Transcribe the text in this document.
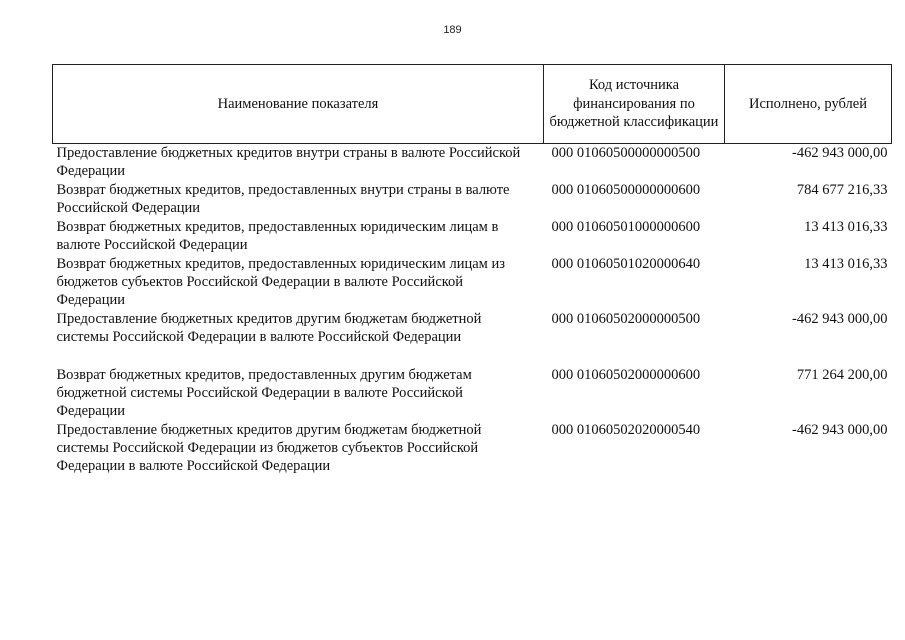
189
Наименование показателя	Код источника финансирования по бюджетной классификации	Исполнено, рублей
Предоставление бюджетных кредитов внутри страны в валюте Российской Федерации	000 01060500000000500	-462 943 000,00
Возврат бюджетных кредитов, предоставленных внутри страны в валюте Российской Федерации	000 01060500000000600	784 677 216,33
Возврат бюджетных кредитов, предоставленных юридическим лицам в валюте Российской Федерации	000 01060501000000600	13 413 016,33
Возврат бюджетных кредитов, предоставленных юридическим лицам из бюджетов субъектов Российской Федерации в валюте Российской Федерации	000 01060501020000640	13 413 016,33
Предоставление бюджетных кредитов другим бюджетам бюджетной системы Российской Федерации в валюте Российской Федерации	000 01060502000000500	-462 943 000,00
Возврат бюджетных кредитов, предоставленных другим бюджетам бюджетной системы Российской Федерации в валюте Российской Федерации	000 01060502000000600	771 264 200,00
Предоставление бюджетных кредитов другим бюджетам бюджетной системы Российской Федерации из бюджетов субъектов Российской Федерации в валюте Российской Федерации	000 01060502020000540	-462 943 000,00
